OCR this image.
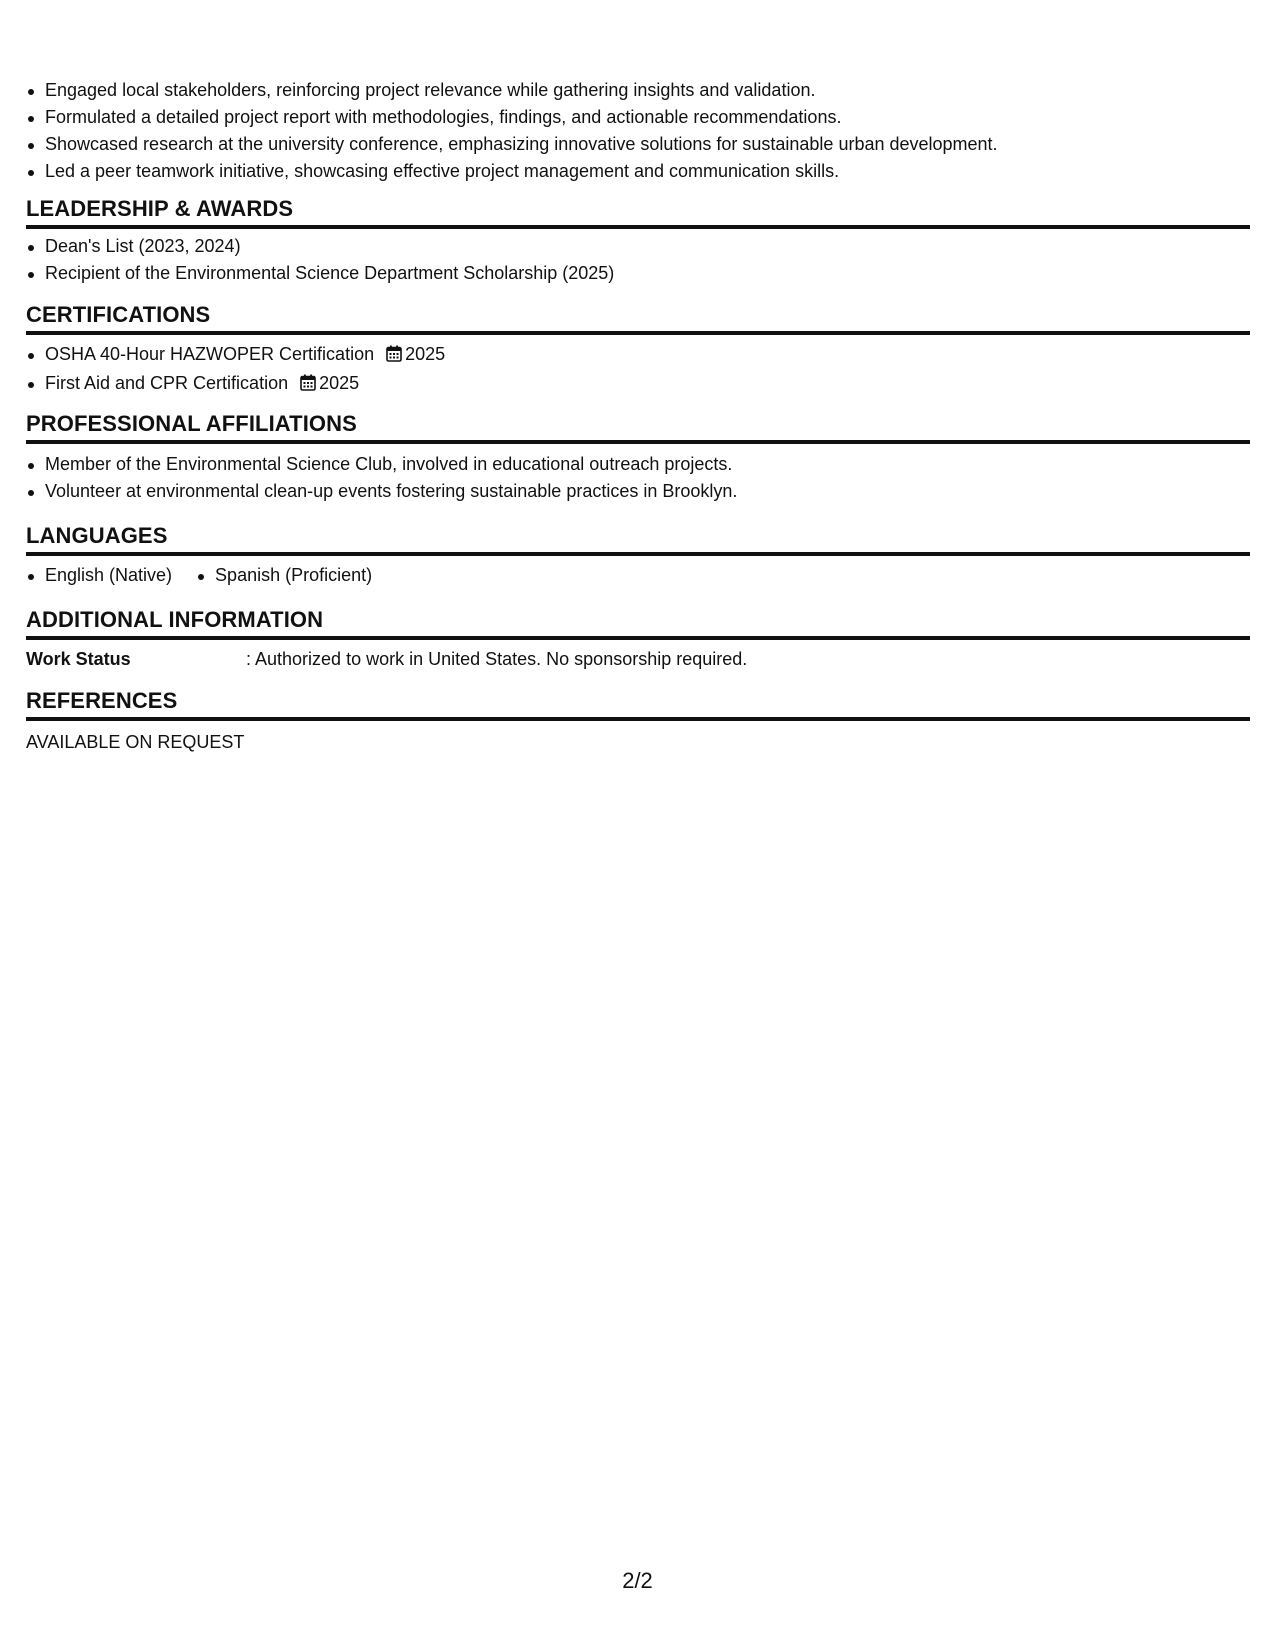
Engaged local stakeholders, reinforcing project relevance while gathering insights and validation.
Formulated a detailed project report with methodologies, findings, and actionable recommendations.
Showcased research at the university conference, emphasizing innovative solutions for sustainable urban development.
Led a peer teamwork initiative, showcasing effective project management and communication skills.
LEADERSHIP & AWARDS
Dean's List (2023, 2024)
Recipient of the Environmental Science Department Scholarship (2025)
CERTIFICATIONS
OSHA 40-Hour HAZWOPER Certification 2025
First Aid and CPR Certification 2025
PROFESSIONAL AFFILIATIONS
Member of the Environmental Science Club, involved in educational outreach projects.
Volunteer at environmental clean-up events fostering sustainable practices in Brooklyn.
LANGUAGES
English (Native)	Spanish (Proficient)
ADDITIONAL INFORMATION
Work Status	: Authorized to work in United States. No sponsorship required.
REFERENCES
AVAILABLE ON REQUEST
2/2
